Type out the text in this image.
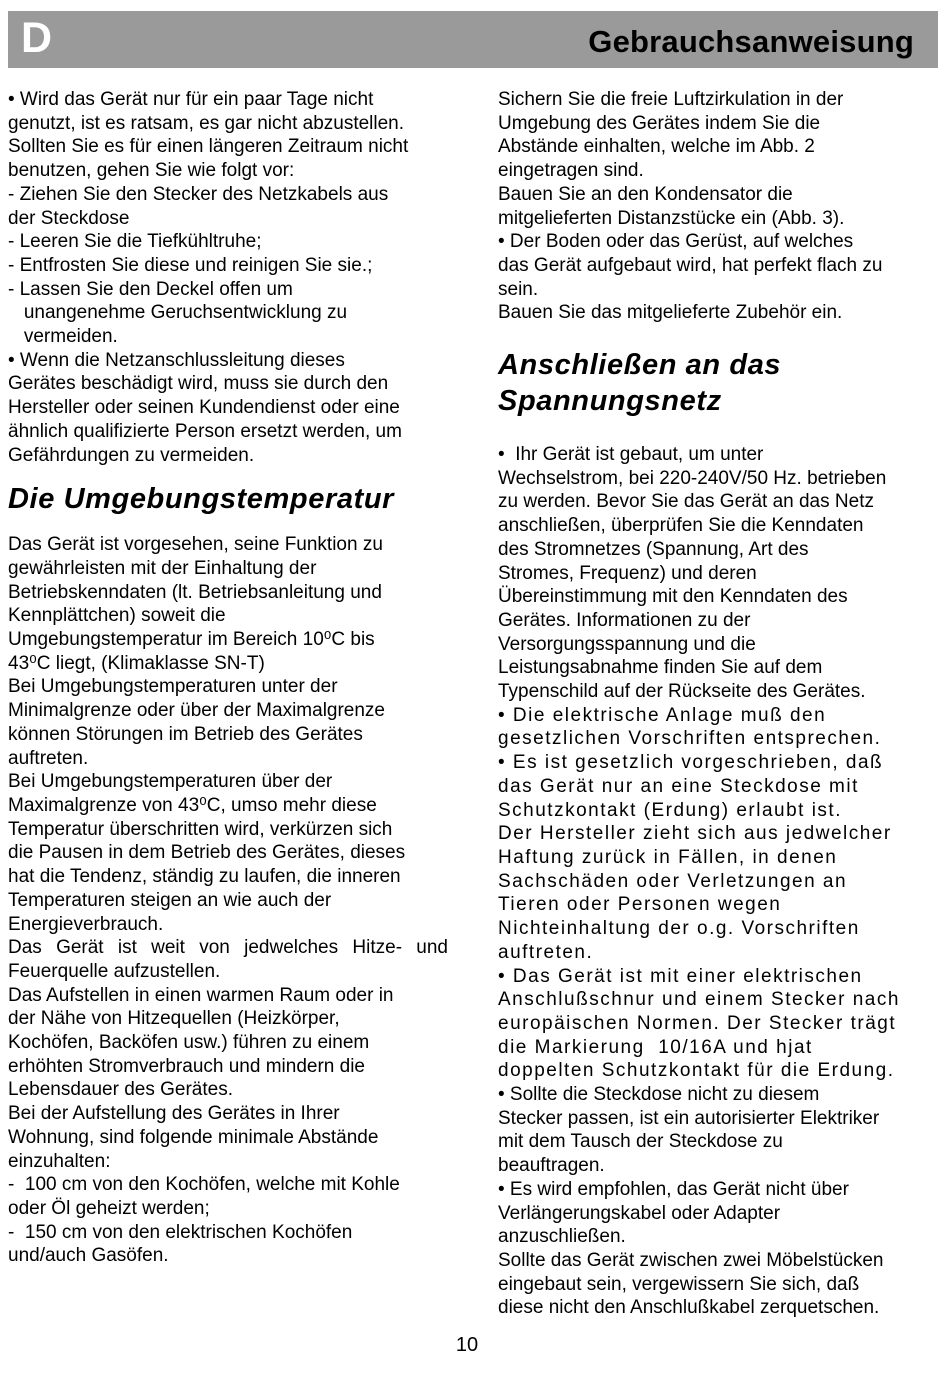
D	Gebrauchsanweisung

• Wird das Gerät nur für ein paar Tage nicht
genutzt, ist es ratsam, es gar nicht abzustellen.
Sollten Sie es für einen längeren Zeitraum nicht
benutzen, gehen Sie wie folgt vor:

- Ziehen Sie den Stecker des Netzkabels aus
der Steckdose
- Leeren Sie die Tiefkühltruhe;
- Entfrosten Sie diese und reinigen Sie sie.;
- Lassen Sie den Deckel offen um
unangenehme Geruchsentwicklung zu
vermeiden.

• Wenn die Netzanschlussleitung dieses
Gerätes beschädigt wird, muss sie durch den
Hersteller oder seinen Kundendienst oder eine
ähnlich qualifizierte Person ersetzt werden, um
Gefährdungen zu vermeiden.

Die Umgebungstemperatur

Das Gerät ist vorgesehen, seine Funktion zu
gewährleisten mit der Einhaltung der
Betriebskenndaten (lt. Betriebsanleitung und
Kennplättchen) soweit die
Umgebungstemperatur im Bereich 10⁰C bis
43⁰C liegt, (Klimaklasse SN-T)
Bei Umgebungstemperaturen unter der
Minimalgrenze oder über der Maximalgrenze
können Störungen im Betrieb des Gerätes
auftreten.
Bei Umgebungstemperaturen über der
Maximalgrenze von 43⁰C, umso mehr diese
Temperatur überschritten wird, verkürzen sich
die Pausen in dem Betrieb des Gerätes, dieses
hat die Tendenz, ständig zu laufen, die inneren
Temperaturen steigen an wie auch der
Energieverbrauch.

Das Gerät ist weit von jedwelches Hitze- und
Feuerquelle aufzustellen.

Das Aufstellen in einen warmen Raum oder in
der Nähe von Hitzequellen (Heizkörper,
Kochöfen, Backöfen usw.) führen zu einem
erhöhten Stromverbrauch und mindern die
Lebensdauer des Gerätes.
Bei der Aufstellung des Gerätes in Ihrer
Wohnung, sind folgende minimale Abstände
einzuhalten:
-  100 cm von den Kochöfen, welche mit Kohle
oder Öl geheizt werden;
-  150 cm von den elektrischen Kochöfen
und/auch Gasöfen.

Sichern Sie die freie Luftzirkulation in der
Umgebung des Gerätes indem Sie die
Abstände einhalten, welche im Abb. 2
eingetragen sind.
Bauen Sie an den Kondensator die
mitgelieferten Distanzstücke ein (Abb. 3).
• Der Boden oder das Gerüst, auf welches
das Gerät aufgebaut wird, hat perfekt flach zu
sein.
Bauen Sie das mitgelieferte Zubehör ein.

Anschließen an das
Spannungsnetz

•  Ihr Gerät ist gebaut, um unter
Wechselstrom, bei 220-240V/50 Hz. betrieben
zu werden. Bevor Sie das Gerät an das Netz
anschließen, überprüfen Sie die Kenndaten
des Stromnetzes (Spannung, Art des
Stromes, Frequenz) und deren
Übereinstimmung mit den Kenndaten des
Gerätes. Informationen zu der
Versorgungsspannung und die
Leistungsabnahme finden Sie auf dem
Typenschild auf der Rückseite des Gerätes.

• Die elektrische Anlage muß den
gesetzlichen Vorschriften entsprechen.

• Es ist gesetzlich vorgeschrieben, daß
das Gerät nur an eine Steckdose mit
Schutzkontakt (Erdung) erlaubt ist.
Der Hersteller zieht sich aus jedwelcher
Haftung zurück in Fällen, in denen
Sachschäden oder Verletzungen an
Tieren oder Personen wegen
Nichteinhaltung der o.g. Vorschriften
auftreten.

• Das Gerät ist mit einer elektrischen
Anschlußschnur und einem Stecker nach
europäischen Normen. Der Stecker trägt
die Markierung  10/16A und hjat
doppelten Schutzkontakt für die Erdung.

• Sollte die Steckdose nicht zu diesem
Stecker passen, ist ein autorisierter Elektriker
mit dem Tausch der Steckdose zu
beauftragen.
• Es wird empfohlen, das Gerät nicht über
Verlängerungskabel oder Adapter
anzuschließen.
Sollte das Gerät zwischen zwei Möbelstücken
eingebaut sein, vergewissern Sie sich, daß
diese nicht den Anschlußkabel zerquetschen.

10
